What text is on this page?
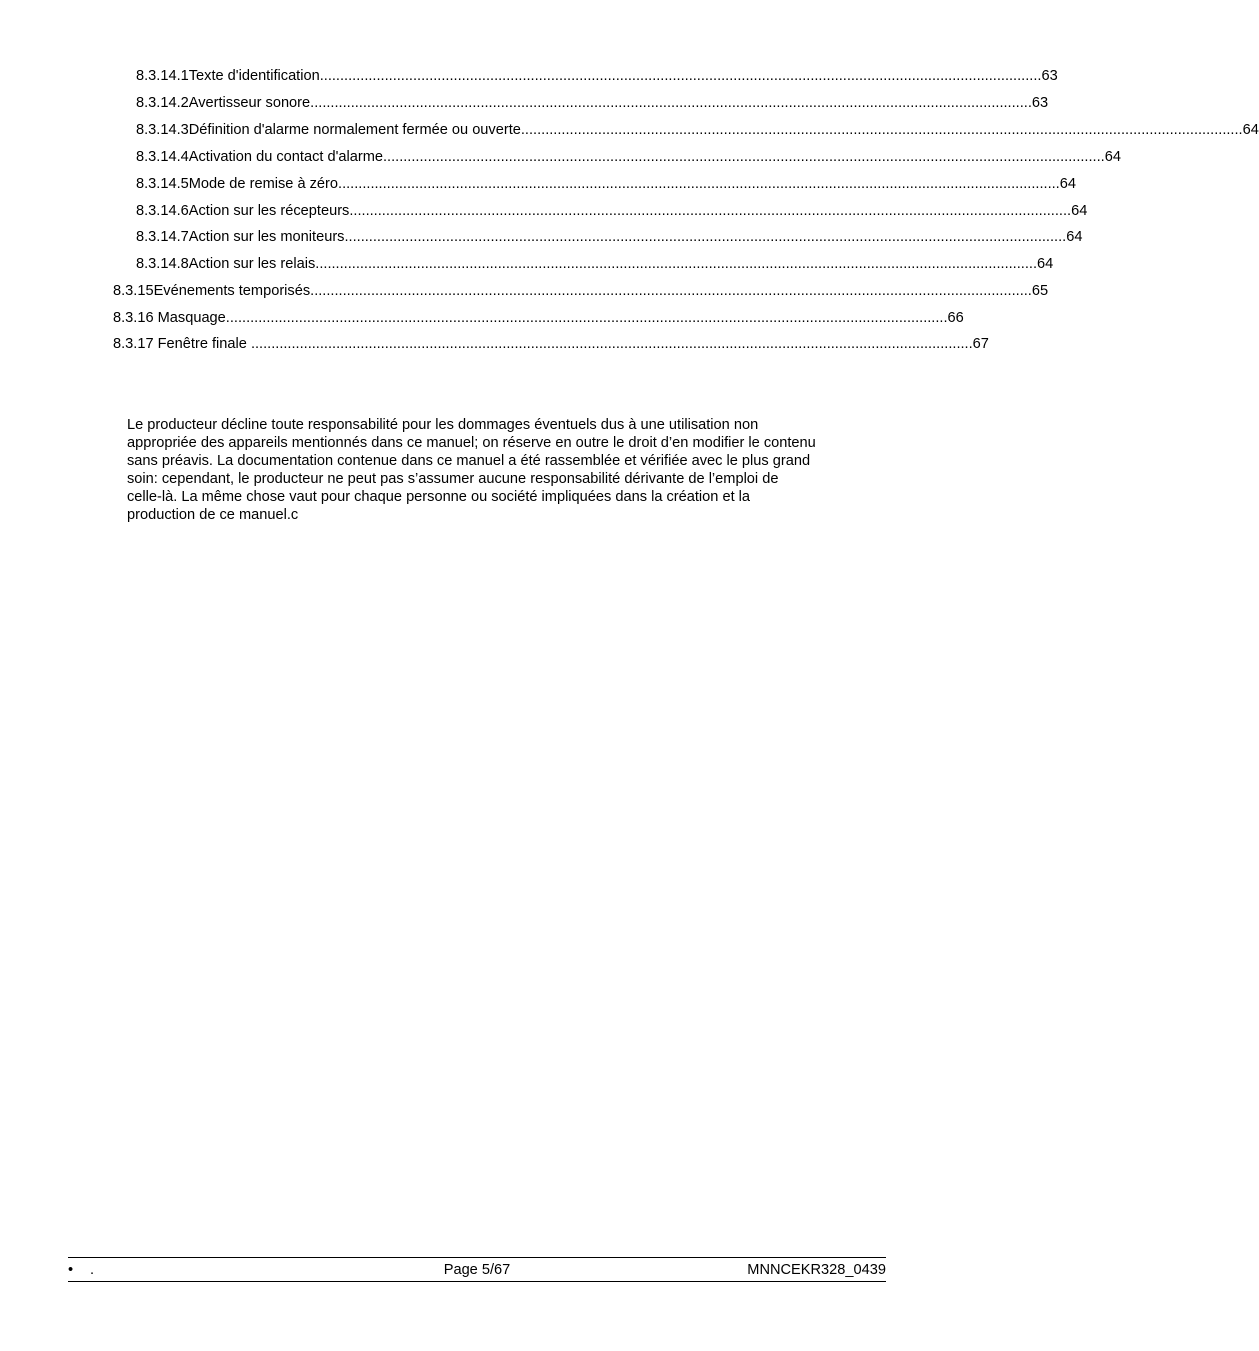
8.3.14.1 Texte d'identification .................................................................................................................................................................................. 63
8.3.14.2 Avertisseur sonore .................................................................................................................................................................................. 63
8.3.14.3 Définition d'alarme normalement fermée ou ouverte .................................................................................................................................................................................. 64
8.3.14.4 Activation du contact d'alarme .................................................................................................................................................................................. 64
8.3.14.5 Mode de remise à zéro .................................................................................................................................................................................. 64
8.3.14.6 Action sur les récepteurs .................................................................................................................................................................................. 64
8.3.14.7 Action sur les moniteurs .................................................................................................................................................................................. 64
8.3.14.8 Action sur les relais .................................................................................................................................................................................. 64
8.3.15 Evénements temporisés .................................................................................................................................................................................. 65
8.3.16 Masquage .................................................................................................................................................................................. 66
8.3.17 Fenêtre finale .................................................................................................................................................................................. 67
Le producteur décline toute responsabilité pour les dommages éventuels dus à une utilisation non
appropriée des appareils mentionnés dans ce manuel; on réserve en outre le droit d’en modifier le contenu
sans préavis. La documentation contenue dans ce manuel a été rassemblée et vérifiée avec le plus grand
soin: cependant, le producteur ne peut pas s’assumer aucune responsabilité dérivante de l’emploi de
celle-là. La même chose vaut pour chaque personne ou société impliquées dans la création et la
production de ce manuel.c
• .	Page 5/67	MNNCEKR328_0439
